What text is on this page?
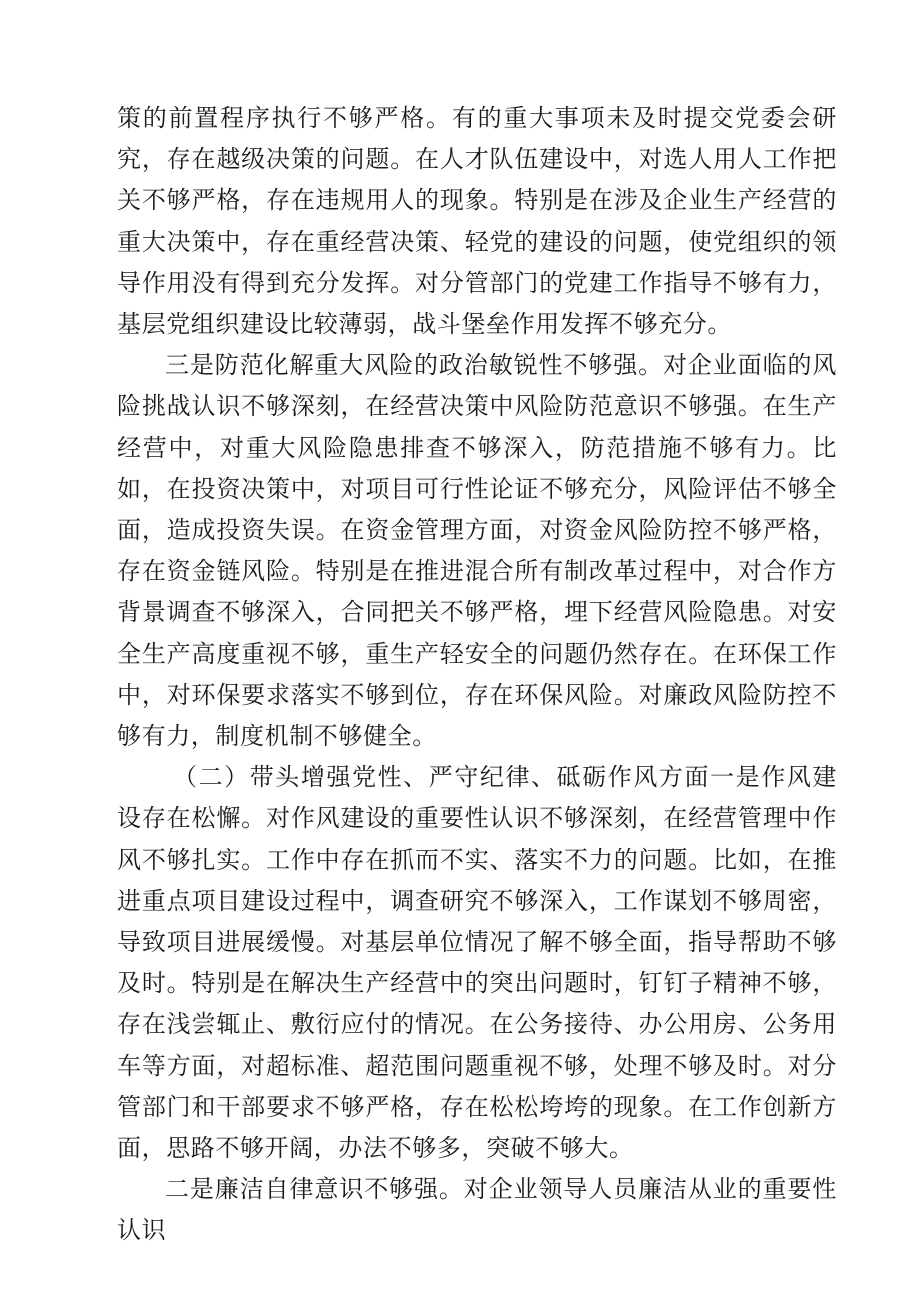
策的前置程序执行不够严格。有的重大事项未及时提交党委会研究，存在越级决策的问题。在人才队伍建设中，对选人用人工作把关不够严格，存在违规用人的现象。特别是在涉及企业生产经营的重大决策中，存在重经营决策、轻党的建设的问题，使党组织的领导作用没有得到充分发挥。对分管部门的党建工作指导不够有力，基层党组织建设比较薄弱，战斗堡垒作用发挥不够充分。

三是防范化解重大风险的政治敏锐性不够强。对企业面临的风险挑战认识不够深刻，在经营决策中风险防范意识不够强。在生产经营中，对重大风险隐患排查不够深入，防范措施不够有力。比如，在投资决策中，对项目可行性论证不够充分，风险评估不够全面，造成投资失误。在资金管理方面，对资金风险防控不够严格，存在资金链风险。特别是在推进混合所有制改革过程中，对合作方背景调查不够深入，合同把关不够严格，埋下经营风险隐患。对安全生产高度重视不够，重生产轻安全的问题仍然存在。在环保工作中，对环保要求落实不够到位，存在环保风险。对廉政风险防控不够有力，制度机制不够健全。

（二）带头增强党性、严守纪律、砥砺作风方面一是作风建设存在松懈。对作风建设的重要性认识不够深刻，在经营管理中作风不够扎实。工作中存在抓而不实、落实不力的问题。比如，在推进重点项目建设过程中，调查研究不够深入，工作谋划不够周密，导致项目进展缓慢。对基层单位情况了解不够全面，指导帮助不够及时。特别是在解决生产经营中的突出问题时，钉钉子精神不够，存在浅尝辄止、敷衍应付的情况。在公务接待、办公用房、公务用车等方面，对超标准、超范围问题重视不够，处理不够及时。对分管部门和干部要求不够严格，存在松松垮垮的现象。在工作创新方面，思路不够开阔，办法不够多，突破不够大。

二是廉洁自律意识不够强。对企业领导人员廉洁从业的重要性认识
